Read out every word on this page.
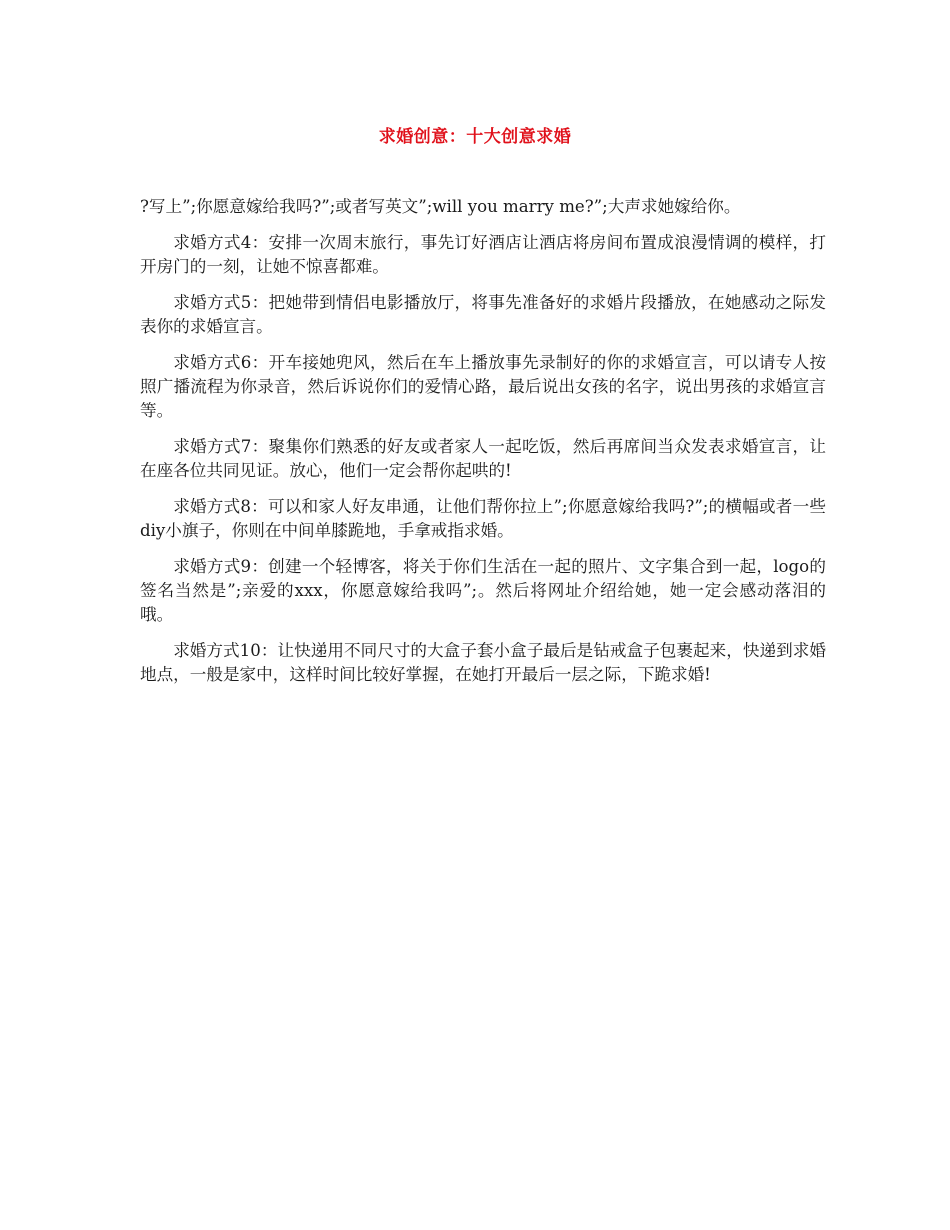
求婚创意：十大创意求婚

?写上”;你愿意嫁给我吗?”;或者写英文”;will you marry me?”;大声求她嫁给你。

求婚方式4：安排一次周末旅行，事先订好酒店让酒店将房间布置成浪漫情调的模样，打开房门的一刻，让她不惊喜都难。

求婚方式5：把她带到情侣电影播放厅，将事先准备好的求婚片段播放，在她感动之际发表你的求婚宣言。

求婚方式6：开车接她兜风，然后在车上播放事先录制好的你的求婚宣言，可以请专人按照广播流程为你录音，然后诉说你们的爱情心路，最后说出女孩的名字，说出男孩的求婚宣言等。

求婚方式7：聚集你们熟悉的好友或者家人一起吃饭，然后再席间当众发表求婚宣言，让在座各位共同见证。放心，他们一定会帮你起哄的!

求婚方式8：可以和家人好友串通，让他们帮你拉上”;你愿意嫁给我吗?”;的横幅或者一些diy小旗子，你则在中间单膝跪地，手拿戒指求婚。

求婚方式9：创建一个轻博客，将关于你们生活在一起的照片、文字集合到一起，logo的签名当然是”;亲爱的xxx，你愿意嫁给我吗”;。然后将网址介绍给她，她一定会感动落泪的哦。

求婚方式10：让快递用不同尺寸的大盒子套小盒子最后是钻戒盒子包裹起来，快递到求婚地点，一般是家中，这样时间比较好掌握，在她打开最后一层之际，下跪求婚!
